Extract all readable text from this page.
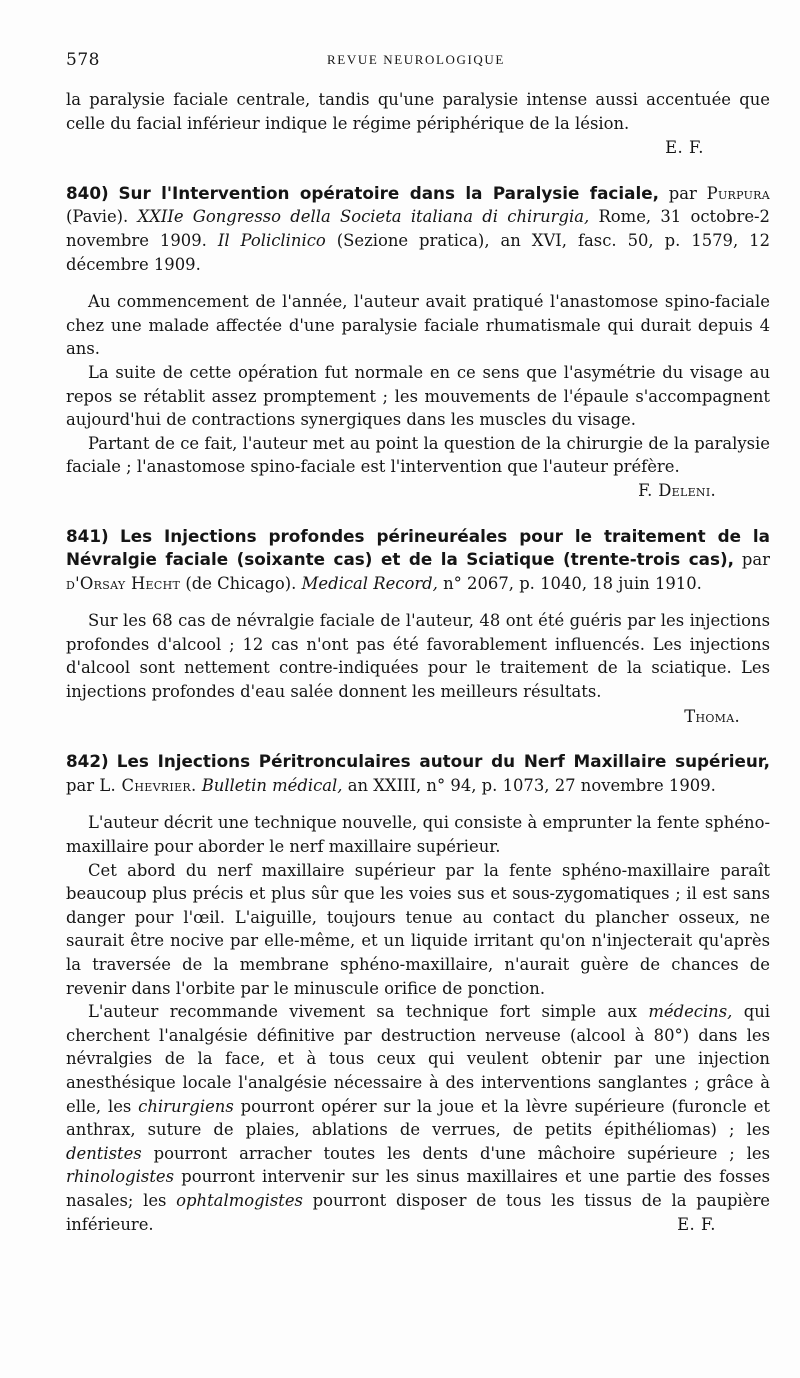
578	REVUE NEUROLOGIQUE

la paralysie faciale centrale, tandis qu'une paralysie intense aussi accentuée que celle du facial inférieur indique le régime périphérique de la lésion.

E. F.

840) Sur l'Intervention opératoire dans la Paralysie faciale, par Purpura (Pavie). XXIIe Gongresso della Societa italiana di chirurgia, Rome, 31 octobre-2 novembre 1909. Il Policlinico (Sezione pratica), an XVI, fasc. 50, p. 1579, 12 décembre 1909.

Au commencement de l'année, l'auteur avait pratiqué l'anastomose spino-faciale chez une malade affectée d'une paralysie faciale rhumatismale qui durait depuis 4 ans.

La suite de cette opération fut normale en ce sens que l'asymétrie du visage au repos se rétablit assez promptement ; les mouvements de l'épaule s'accompagnent aujourd'hui de contractions synergiques dans les muscles du visage.

Partant de ce fait, l'auteur met au point la question de la chirurgie de la paralysie faciale ; l'anastomose spino-faciale est l'intervention que l'auteur préfère.
F. Deleni.

841) Les Injections profondes périneuréales pour le traitement de la Névralgie faciale (soixante cas) et de la Sciatique (trente-trois cas), par d'Orsay Hecht (de Chicago). Medical Record, n° 2067, p. 1040, 18 juin 1910.

Sur les 68 cas de névralgie faciale de l'auteur, 48 ont été guéris par les injections profondes d'alcool ; 12 cas n'ont pas été favorablement influencés. Les injections d'alcool sont nettement contre-indiquées pour le traitement de la sciatique. Les injections profondes d'eau salée donnent les meilleurs résultats.

Thoma.

842) Les Injections Péritronculaires autour du Nerf Maxillaire supérieur, par L. Chevrier. Bulletin médical, an XXIII, n° 94, p. 1073, 27 novembre 1909.

L'auteur décrit une technique nouvelle, qui consiste à emprunter la fente sphéno-maxillaire pour aborder le nerf maxillaire supérieur.

Cet abord du nerf maxillaire supérieur par la fente sphéno-maxillaire paraît beaucoup plus précis et plus sûr que les voies sus et sous-zygomatiques ; il est sans danger pour l'œil. L'aiguille, toujours tenue au contact du plancher osseux, ne saurait être nocive par elle-même, et un liquide irritant qu'on n'injecterait qu'après la traversée de la membrane sphéno-maxillaire, n'aurait guère de chances de revenir dans l'orbite par le minuscule orifice de ponction.

L'auteur recommande vivement sa technique fort simple aux médecins, qui cherchent l'analgésie définitive par destruction nerveuse (alcool à 80°) dans les névralgies de la face, et à tous ceux qui veulent obtenir par une injection anesthésique locale l'analgésie nécessaire à des interventions sanglantes ; grâce à elle, les chirurgiens pourront opérer sur la joue et la lèvre supérieure (furoncle et anthrax, suture de plaies, ablations de verrues, de petits épithéliomas) ; les dentistes pourront arracher toutes les dents d'une mâchoire supérieure ; les rhinologistes pourront intervenir sur les sinus maxillaires et une partie des fosses nasales; les ophtalmogistes pourront disposer de tous les tissus de la paupière inférieure.	E. F.
